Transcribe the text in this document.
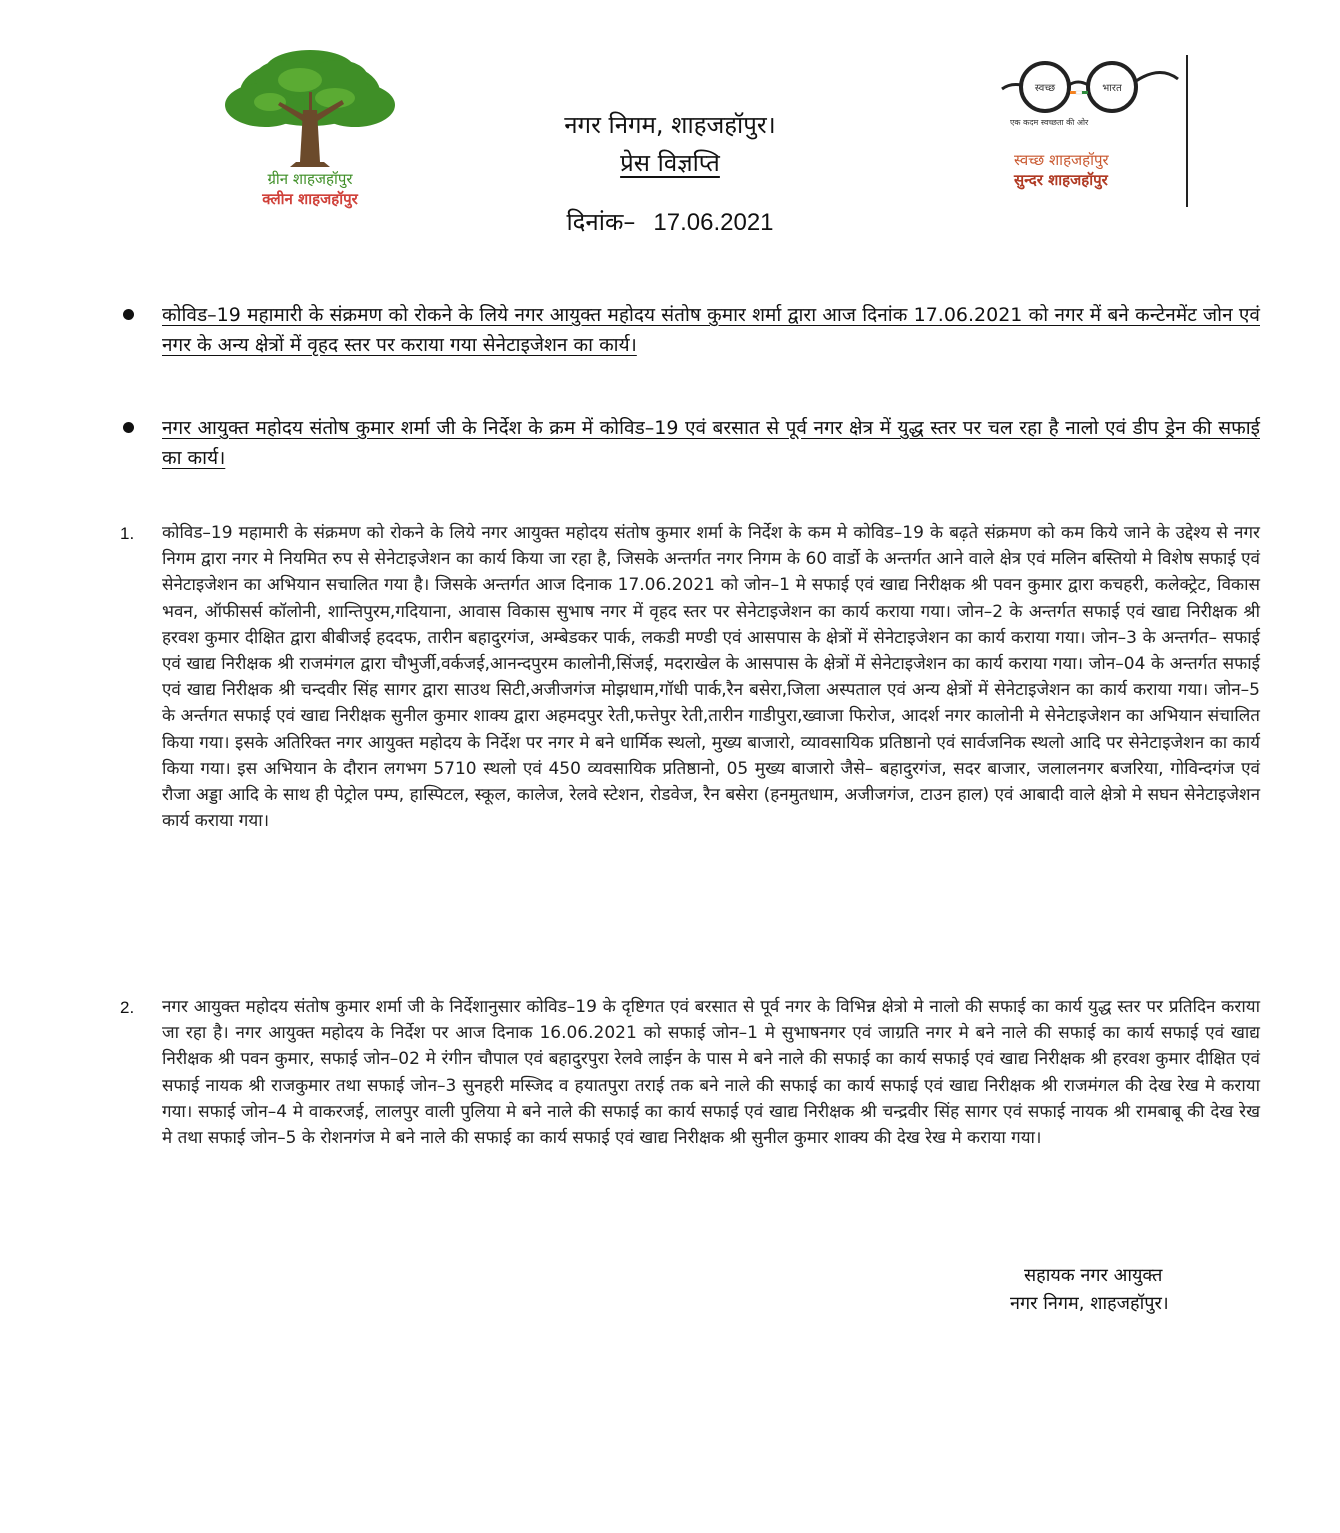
ग्रीन शाहजहॉपुर
क्लीन शाहजहॉपुर
नगर निगम, शाहजहॉपुर।
प्रेस विज्ञप्ति
दिनांक– 17.06.2021
स्वच्छ	भारत
एक कदम स्वच्छता की ओर
स्वच्छ शाहजहॉपुर
सुन्दर शाहजहॉपुर
कोविड–19 महामारी के संक्रमण को रोकने के लिये नगर आयुक्त महोदय संतोष कुमार शर्मा द्वारा आज दिनांक 17.06.2021 को नगर में बने कन्टेनमेंट जोन एवं नगर के अन्य क्षेत्रों में वृहद स्तर पर कराया गया सेनेटाइजेशन का कार्य।
नगर आयुक्त महोदय संतोष कुमार शर्मा जी के निर्देश के क्रम में कोविड–19 एवं बरसात से पूर्व नगर क्षेत्र में युद्ध स्तर पर चल रहा है नालो एवं डीप ड्रेन की सफाई का कार्य।
1. कोविड–19 महामारी के संक्रमण को रोकने के लिये नगर आयुक्त महोदय संतोष कुमार शर्मा के निर्देश के कम मे कोविड–19 के बढ़ते संक्रमण को कम किये जाने के उद्देश्य से नगर निगम द्वारा नगर मे नियमित रुप से सेनेटाइजेशन का कार्य किया जा रहा है, जिसके अन्तर्गत नगर निगम के 60 वार्डो के अन्तर्गत आने वाले क्षेत्र एवं मलिन बस्तियो मे विशेष सफाई एवं सेनेटाइजेशन का अभियान सचालित गया है। जिसके अन्तर्गत आज दिनाक 17.06.2021 को जोन–1 मे सफाई एवं खाद्य निरीक्षक श्री पवन कुमार द्वारा कचहरी, कलेक्ट्रेट, विकास भवन, ऑफीसर्स कॉलोनी, शान्तिपुरम,गदियाना, आवास विकास सुभाष नगर में वृहद स्तर पर सेनेटाइजेशन का कार्य कराया गया। जोन–2 के अन्तर्गत सफाई एवं खाद्य निरीक्षक श्री हरवश कुमार दीक्षित द्वारा बीबीजई हददफ, तारीन बहादुरगंज, अम्बेडकर पार्क, लकडी मण्डी एवं आसपास के क्षेत्रों में सेनेटाइजेशन का कार्य कराया गया। जोन–3 के अन्तर्गत– सफाई एवं खाद्य निरीक्षक श्री राजमंगल द्वारा चौभुर्जी,वर्कजई,आनन्दपुरम कालोनी,सिंजई, मदराखेल के आसपास के क्षेत्रों में सेनेटाइजेशन का कार्य कराया गया। जोन–04 के अन्तर्गत सफाई एवं खाद्य निरीक्षक श्री चन्दवीर सिंह सागर द्वारा साउथ सिटी,अजीजगंज मोझधाम,गॉधी पार्क,रैन बसेरा,जिला अस्पताल एवं अन्य क्षेत्रों में सेनेटाइजेशन का कार्य कराया गया। जोन–5 के अर्न्तगत सफाई एवं खाद्य निरीक्षक सुनील कुमार शाक्य द्वारा अहमदपुर रेती,फत्तेपुर रेती,तारीन गाडीपुरा,ख्वाजा फिरोज, आदर्श नगर कालोनी मे सेनेटाइजेशन का अभियान संचालित किया गया। इसके अतिरिक्त नगर आयुक्त महोदय के निर्देश पर नगर मे बने धार्मिक स्थलो, मुख्य बाजारो, व्यावसायिक प्रतिष्ठानो एवं सार्वजनिक स्थलो आदि पर सेनेटाइजेशन का कार्य किया गया। इस अभियान के दौरान लगभग 5710 स्थलो एवं 450 व्यवसायिक प्रतिष्ठानो, 05 मुख्य बाजारो जैसे– बहादुरगंज, सदर बाजार, जलालनगर बजरिया, गोविन्दगंज एवं रौजा अड्डा आदि के साथ ही पेट्रोल पम्प, हास्पिटल, स्कूल, कालेज, रेलवे स्टेशन, रोडवेज, रैन बसेरा (हनमुतधाम, अजीजगंज, टाउन हाल) एवं आबादी वाले क्षेत्रो मे सघन सेनेटाइजेशन कार्य कराया गया।
2. नगर आयुक्त महोदय संतोष कुमार शर्मा जी के निर्देशानुसार कोविड–19 के दृष्टिगत एवं बरसात से पूर्व नगर के विभिन्न क्षेत्रो मे नालो की सफाई का कार्य युद्ध स्तर पर प्रतिदिन कराया जा रहा है। नगर आयुक्त महोदय के निर्देश पर आज दिनाक 16.06.2021 को सफाई जोन–1 मे सुभाषनगर एवं जाग्रति नगर मे बने नाले की सफाई का कार्य सफाई एवं खाद्य निरीक्षक श्री पवन कुमार, सफाई जोन–02 मे रंगीन चौपाल एवं बहादुरपुरा रेलवे लाईन के पास मे बने नाले की सफाई का कार्य सफाई एवं खाद्य निरीक्षक श्री हरवश कुमार दीक्षित एवं सफाई नायक श्री राजकुमार तथा सफाई जोन–3 सुनहरी मस्जिद व हयातपुरा तराई तक बने नाले की सफाई का कार्य सफाई एवं खाद्य निरीक्षक श्री राजमंगल की देख रेख मे कराया गया। सफाई जोन–4 मे वाकरजई, लालपुर वाली पुलिया मे बने नाले की सफाई का कार्य सफाई एवं खाद्य निरीक्षक श्री चन्द्रवीर सिंह सागर एवं सफाई नायक श्री रामबाबू की देख रेख मे तथा सफाई जोन–5 के रोशनगंज मे बने नाले की सफाई का कार्य सफाई एवं खाद्य निरीक्षक श्री सुनील कुमार शाक्य की देख रेख मे कराया गया।
सहायक नगर आयुक्त
नगर निगम, शाहजहॉपुर।
